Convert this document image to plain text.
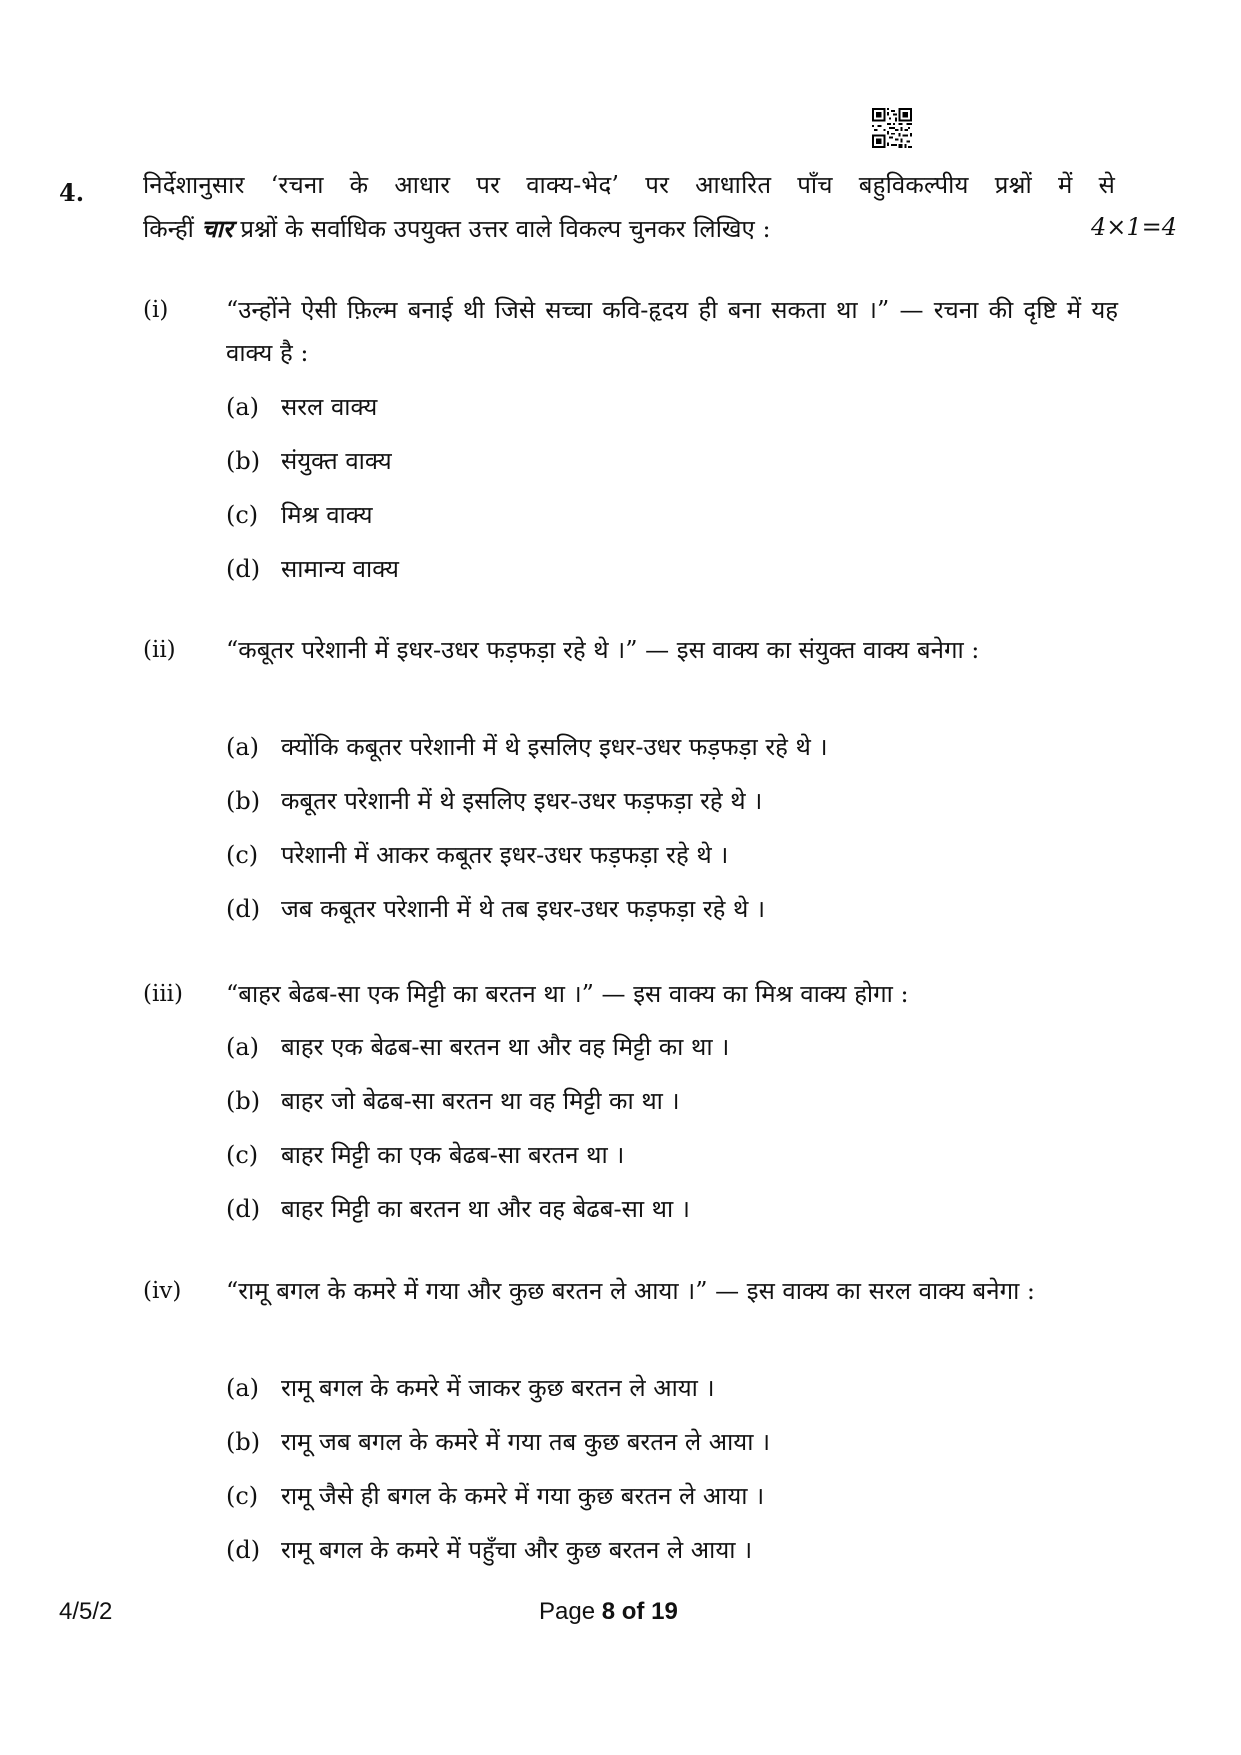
4. निर्देशानुसार ‘रचना के आधार पर वाक्य-भेद’ पर आधारित पाँच बहुविकल्पीय प्रश्नों में से
किन्हीं चार प्रश्नों के सर्वाधिक उपयुक्त उत्तर वाले विकल्प चुनकर लिखिए :	4×1=4
(i) “उन्होंने ऐसी फ़िल्म बनाई थी जिसे सच्चा कवि-हृदय ही बना सकता था ।” — रचना की दृष्टि में यह वाक्य है :
(a) सरल वाक्य
(b) संयुक्त वाक्य
(c) मिश्र वाक्य
(d) सामान्य वाक्य
(ii) “कबूतर परेशानी में इधर-उधर फड़फड़ा रहे थे ।” — इस वाक्य का संयुक्त वाक्य बनेगा :
(a) क्योंकि कबूतर परेशानी में थे इसलिए इधर-उधर फड़फड़ा रहे थे ।
(b) कबूतर परेशानी में थे इसलिए इधर-उधर फड़फड़ा रहे थे ।
(c) परेशानी में आकर कबूतर इधर-उधर फड़फड़ा रहे थे ।
(d) जब कबूतर परेशानी में थे तब इधर-उधर फड़फड़ा रहे थे ।
(iii) “बाहर बेढब-सा एक मिट्टी का बरतन था ।” — इस वाक्य का मिश्र वाक्य होगा :
(a) बाहर एक बेढब-सा बरतन था और वह मिट्टी का था ।
(b) बाहर जो बेढब-सा बरतन था वह मिट्टी का था ।
(c) बाहर मिट्टी का एक बेढब-सा बरतन था ।
(d) बाहर मिट्टी का बरतन था और वह बेढब-सा था ।
(iv) “रामू बगल के कमरे में गया और कुछ बरतन ले आया ।” — इस वाक्य का सरल वाक्य बनेगा :
(a) रामू बगल के कमरे में जाकर कुछ बरतन ले आया ।
(b) रामू जब बगल के कमरे में गया तब कुछ बरतन ले आया ।
(c) रामू जैसे ही बगल के कमरे में गया कुछ बरतन ले आया ।
(d) रामू बगल के कमरे में पहुँचा और कुछ बरतन ले आया ।
4/5/2	Page 8 of 19
